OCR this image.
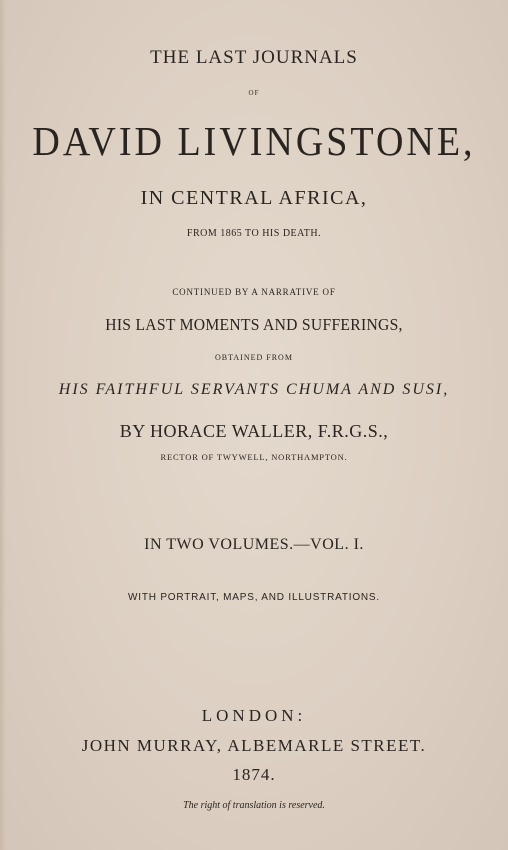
THE LAST JOURNALS
OF
DAVID LIVINGSTONE,
IN CENTRAL AFRICA,
FROM 1865 TO HIS DEATH.
CONTINUED BY A NARRATIVE OF
HIS LAST MOMENTS AND SUFFERINGS,
OBTAINED FROM
HIS FAITHFUL SERVANTS CHUMA AND SUSI,
BY HORACE WALLER, F.R.G.S.,
RECTOR OF TWYWELL, NORTHAMPTON.
IN TWO VOLUMES.—VOL. I.
WITH PORTRAIT, MAPS, AND ILLUSTRATIONS.
LONDON:
JOHN MURRAY, ALBEMARLE STREET.
1874.
The right of translation is reserved.
